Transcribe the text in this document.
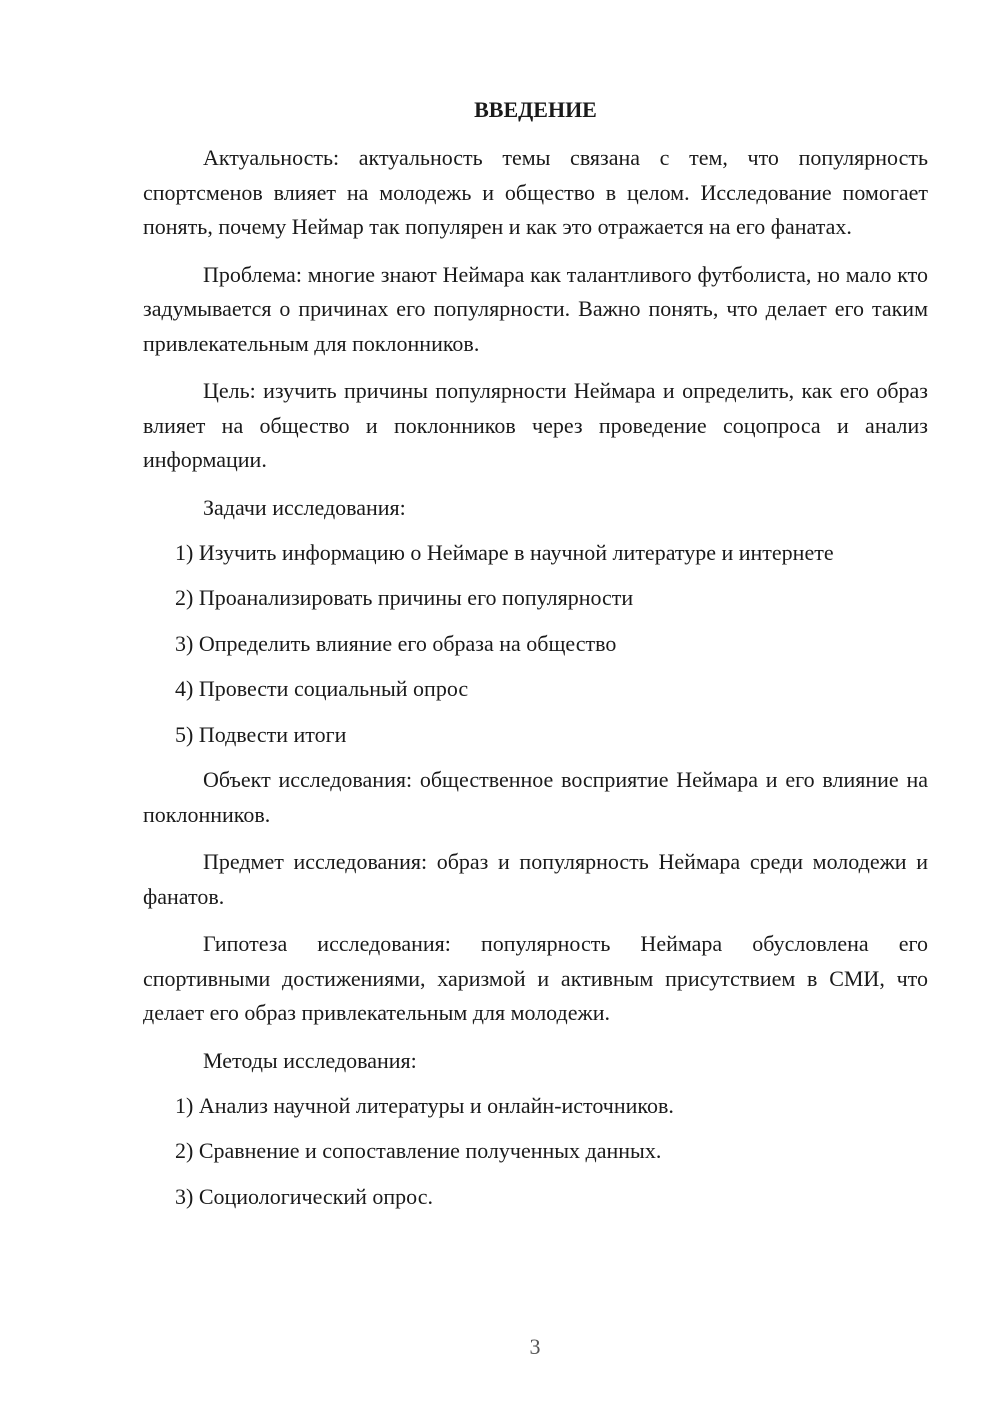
ВВЕДЕНИЕ

Актуальность: актуальность темы связана с тем, что популярность спортсменов влияет на молодежь и общество в целом. Исследование помогает понять, почему Неймар так популярен и как это отражается на его фанатах.

Проблема: многие знают Неймара как талантливого футболиста, но мало кто задумывается о причинах его популярности. Важно понять, что делает его таким привлекательным для поклонников.

Цель: изучить причины популярности Неймара и определить, как его образ влияет на общество и поклонников через проведение соцопроса и анализ информации.

Задачи исследования:

1) Изучить информацию о Неймаре в научной литературе и интернете
2) Проанализировать причины его популярности
3) Определить влияние его образа на общество
4) Провести социальный опрос
5) Подвести итоги

Объект исследования: общественное восприятие Неймара и его влияние на поклонников.

Предмет исследования: образ и популярность Неймара среди молодежи и фанатов.

Гипотеза исследования: популярность Неймара обусловлена его спортивными достижениями, харизмой и активным присутствием в СМИ, что делает его образ привлекательным для молодежи.

Методы исследования:

1) Анализ научной литературы и онлайн-источников.
2) Сравнение и сопоставление полученных данных.
3) Социологический опрос.
3
